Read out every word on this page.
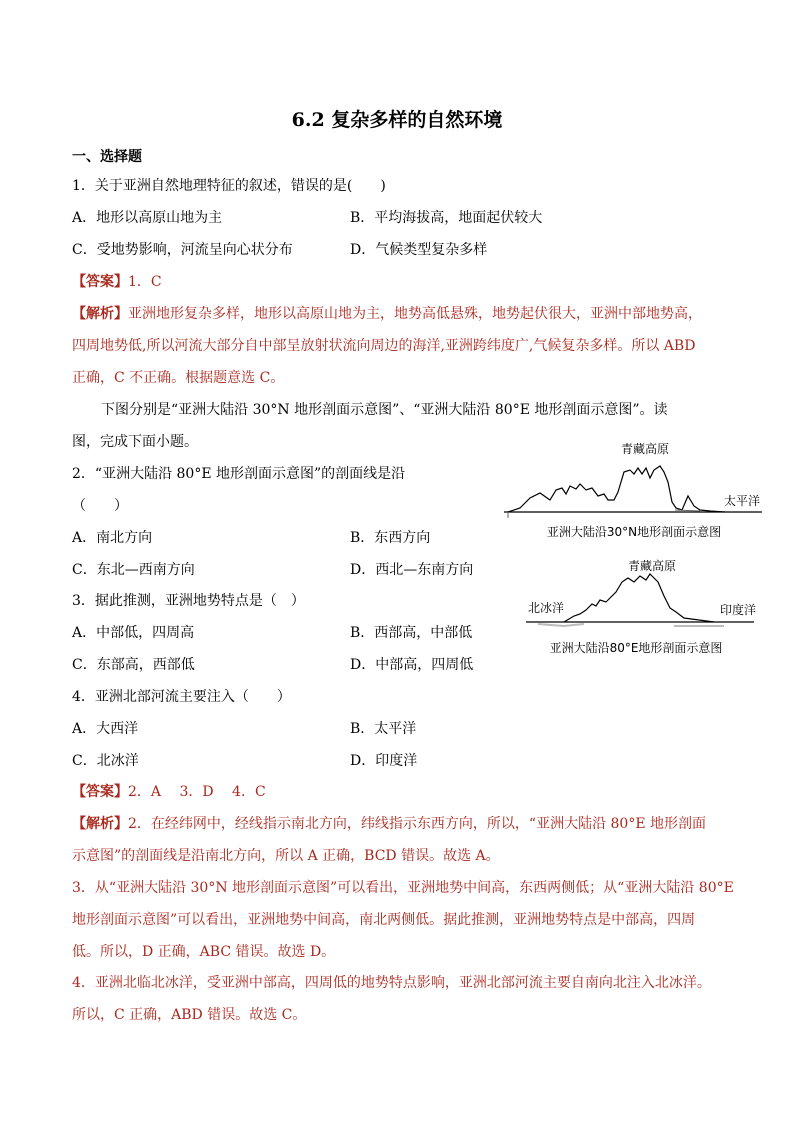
6.2 复杂多样的自然环境
一、选择题
1．关于亚洲自然地理特征的叙述，错误的是(　　)
A．地形以高原山地为主	B．平均海拔高，地面起伏较大
C．受地势影响，河流呈向心状分布	D．气候类型复杂多样
【答案】1．C
【解析】亚洲地形复杂多样，地形以高原山地为主，地势高低悬殊，地势起伏很大，亚洲中部地势高，
四周地势低,所以河流大部分自中部呈放射状流向周边的海洋,亚洲跨纬度广,气候复杂多样。所以 ABD
正确，C 不正确。根据题意选 C。
下图分别是“亚洲大陆沿 30°N 地形剖面示意图”、“亚洲大陆沿 80°E 地形剖面示意图”。读
图，完成下面小题。
2．“亚洲大陆沿 80°E 地形剖面示意图”的剖面线是沿
（　　）
A．南北方向	B．东西方向
C．东北—西南方向	D．西北—东南方向
3．据此推测，亚洲地势特点是（　）
A．中部低，四周高	B．西部高，中部低
C．东部高，西部低	D．中部高，四周低
4．亚洲北部河流主要注入（　　）
A．大西洋	B．太平洋
C．北冰洋	D．印度洋
【答案】2．A　 3．D　 4．C
【解析】2．在经纬网中，经线指示南北方向，纬线指示东西方向，所以，“亚洲大陆沿 80°E 地形剖面
示意图”的剖面线是沿南北方向，所以 A 正确，BCD 错误。故选 A。
3．从“亚洲大陆沿 30°N 地形剖面示意图”可以看出，亚洲地势中间高，东西两侧低；从“亚洲大陆沿 80°E
地形剖面示意图”可以看出，亚洲地势中间高，南北两侧低。据此推测，亚洲地势特点是中部高，四周
低。所以，D 正确，ABC 错误。故选 D。
4．亚洲北临北冰洋，受亚洲中部高，四周低的地势特点影响，亚洲北部河流主要自南向北注入北冰洋。
所以，C 正确，ABD 错误。故选 C。
青藏高原
太平洋
亚洲大陆沿30°N地形剖面示意图
青藏高原
北冰洋	印度洋
亚洲大陆沿80°E地形剖面示意图
